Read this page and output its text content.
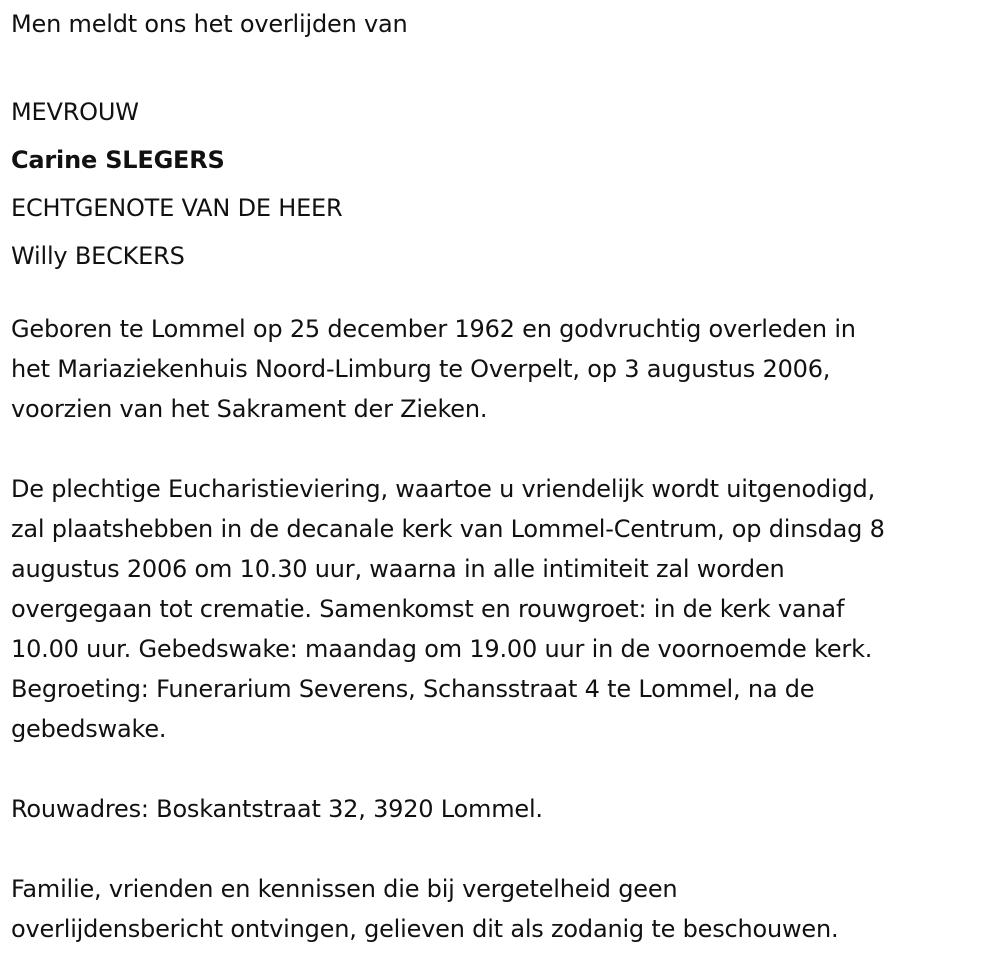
Men meldt ons het overlijden van
MEVROUW
Carine SLEGERS
ECHTGENOTE VAN DE HEER
Willy BECKERS
Geboren te Lommel op 25 december 1962 en godvruchtig overleden in
het Mariaziekenhuis Noord-Limburg te Overpelt, op 3 augustus 2006,
voorzien van het Sakrament der Zieken.
De plechtige Eucharistieviering, waartoe u vriendelijk wordt uitgenodigd,
zal plaatshebben in de decanale kerk van Lommel-Centrum, op dinsdag 8
augustus 2006 om 10.30 uur, waarna in alle intimiteit zal worden
overgegaan tot crematie. Samenkomst en rouwgroet: in de kerk vanaf
10.00 uur. Gebedswake: maandag om 19.00 uur in de voornoemde kerk.
Begroeting: Funerarium Severens, Schansstraat 4 te Lommel, na de
gebedswake.
Rouwadres: Boskantstraat 32, 3920 Lommel.
Familie, vrienden en kennissen die bij vergetelheid geen
overlijdensbericht ontvingen, gelieven dit als zodanig te beschouwen.
